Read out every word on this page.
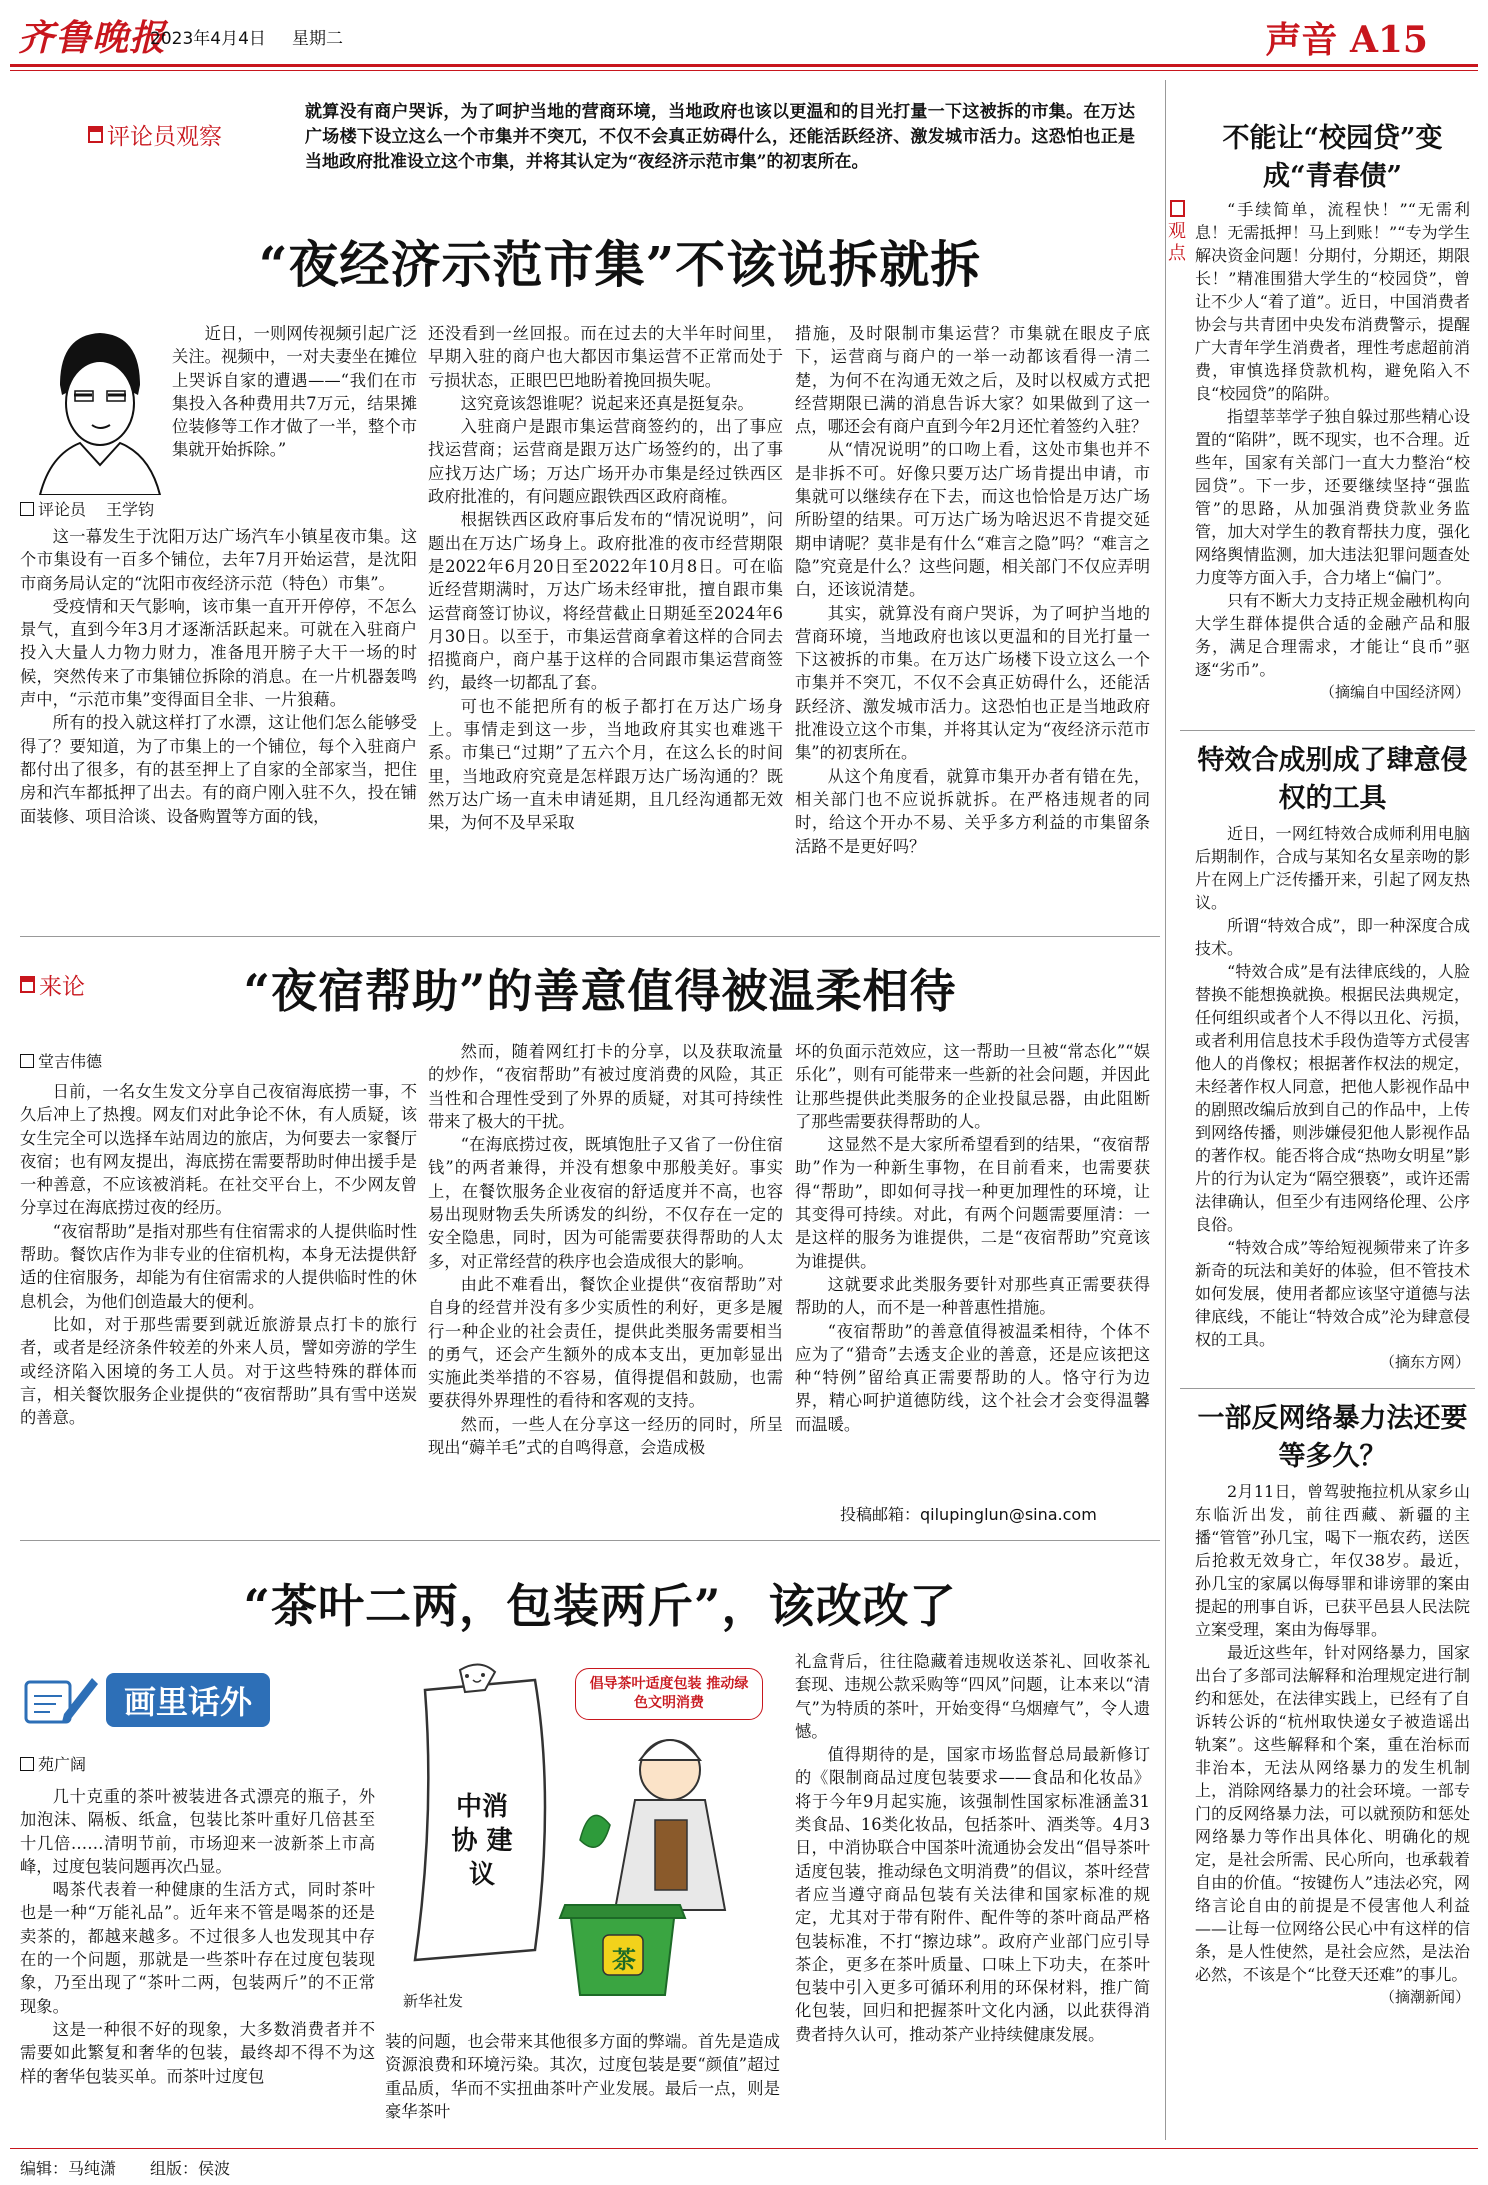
齐鲁晚报
2023年4月4日 星期二	声音 A15
评论员观察
就算没有商户哭诉，为了呵护当地的营商环境，当地政府也该以更温和的目光打量一下这被拆的市集。在万达广场楼下设立这么一个市集并不突兀，不仅不会真正妨碍什么，还能活跃经济、激发城市活力。这恐怕也正是当地政府批准设立这个市集，并将其认定为“夜经济示范市集”的初衷所在。
“夜经济示范市集”不该说拆就拆
评论员 王学钧

近日，一则网传视频引起广泛关注。视频中，一对夫妻坐在摊位上哭诉自家的遭遇——“我们在市集投入各种费用共7万元，结果摊位装修等工作才做了一半，整个市集就开始拆除。”

这一幕发生于沈阳万达广场汽车小镇星夜市集。这个市集设有一百多个铺位，去年7月开始运营，是沈阳市商务局认定的“沈阳市夜经济示范（特色）市集”。

受疫情和天气影响，该市集一直开开停停，不怎么景气，直到今年3月才逐渐活跃起来。可就在入驻商户投入大量人力物力财力，准备甩开膀子大干一场的时候，突然传来了市集铺位拆除的消息。在一片机器轰鸣声中，“示范市集”变得面目全非、一片狼藉。

所有的投入就这样打了水漂，这让他们怎么能够受得了？要知道，为了市集上的一个铺位，每个入驻商户都付出了很多，有的甚至押上了自家的全部家当，把住房和汽车都抵押了出去。有的商户刚入驻不久，投在铺面装修、项目洽谈、设备购置等方面的钱，

还没看到一丝回报。而在过去的大半年时间里，早期入驻的商户也大都因市集运营不正常而处于亏损状态，正眼巴巴地盼着挽回损失呢。

这究竟该怨谁呢？说起来还真是挺复杂。

入驻商户是跟市集运营商签约的，出了事应找运营商；运营商是跟万达广场签约的，出了事应找万达广场；万达广场开办市集是经过铁西区政府批准的，有问题应跟铁西区政府商榷。

根据铁西区政府事后发布的“情况说明”，问题出在万达广场身上。政府批准的夜市经营期限是2022年6月20日至2022年10月8日。可在临近经营期满时，万达广场未经审批，擅自跟市集运营商签订协议，将经营截止日期延至2024年6月30日。以至于，市集运营商拿着这样的合同去招揽商户，商户基于这样的合同跟市集运营商签约，最终一切都乱了套。

可也不能把所有的板子都打在万达广场身上。事情走到这一步，当地政府其实也难逃干系。市集已“过期”了五六个月，在这么长的时间里，当地政府究竟是怎样跟万达广场沟通的？既然万达广场一直未申请延期，且几经沟通都无效果，为何不及早采取

措施，及时限制市集运营？市集就在眼皮子底下，运营商与商户的一举一动都该看得一清二楚，为何不在沟通无效之后，及时以权威方式把经营期限已满的消息告诉大家？如果做到了这一点，哪还会有商户直到今年2月还忙着签约入驻？

从“情况说明”的口吻上看，这处市集也并不是非拆不可。好像只要万达广场肯提出申请，市集就可以继续存在下去，而这也恰恰是万达广场所盼望的结果。可万达广场为啥迟迟不肯提交延期申请呢？莫非是有什么“难言之隐”吗？“难言之隐”究竟是什么？这些问题，相关部门不仅应弄明白，还该说清楚。

其实，就算没有商户哭诉，为了呵护当地的营商环境，当地政府也该以更温和的目光打量一下这被拆的市集。在万达广场楼下设立这么一个市集并不突兀，不仅不会真正妨碍什么，还能活跃经济、激发城市活力。这恐怕也正是当地政府批准设立这个市集，并将其认定为“夜经济示范市集”的初衷所在。

从这个角度看，就算市集开办者有错在先，相关部门也不应说拆就拆。在严格违规者的同时，给这个开办不易、关乎多方利益的市集留条活路不是更好吗？

来论	“夜宿帮助”的善意值得被温柔相待
堂吉伟德

日前，一名女生发文分享自己夜宿海底捞一事，不久后冲上了热搜。网友们对此争论不休，有人质疑，该女生完全可以选择车站周边的旅店，为何要去一家餐厅夜宿；也有网友提出，海底捞在需要帮助时伸出援手是一种善意，不应该被消耗。在社交平台上，不少网友曾分享过在海底捞过夜的经历。

“夜宿帮助”是指对那些有住宿需求的人提供临时性帮助。餐饮店作为非专业的住宿机构，本身无法提供舒适的住宿服务，却能为有住宿需求的人提供临时性的休息机会，为他们创造最大的便利。

比如，对于那些需要到就近旅游景点打卡的旅行者，或者是经济条件较差的外来人员，譬如旁游的学生或经济陷入困境的务工人员。对于这些特殊的群体而言，相关餐饮服务企业提供的“夜宿帮助”具有雪中送炭的善意。

然而，随着网红打卡的分享，以及获取流量的炒作，“夜宿帮助”有被过度消费的风险，其正当性和合理性受到了外界的质疑，对其可持续性带来了极大的干扰。

“在海底捞过夜，既填饱肚子又省了一份住宿钱”的两者兼得，并没有想象中那般美好。事实上，在餐饮服务企业夜宿的舒适度并不高，也容易出现财物丢失所诱发的纠纷，不仅存在一定的安全隐患，同时，因为可能需要获得帮助的人太多，对正常经营的秩序也会造成很大的影响。

由此不难看出，餐饮企业提供“夜宿帮助”对自身的经营并没有多少实质性的利好，更多是履行一种企业的社会责任，提供此类服务需要相当的勇气，还会产生额外的成本支出，更加彰显出实施此类举措的不容易，值得提倡和鼓励，也需要获得外界理性的看待和客观的支持。

然而，一些人在分享这一经历的同时，所呈现出“薅羊毛”式的自鸣得意，会造成极

坏的负面示范效应，这一帮助一旦被“常态化”“娱乐化”，则有可能带来一些新的社会问题，并因此让那些提供此类服务的企业投鼠忌器，由此阻断了那些需要获得帮助的人。

这显然不是大家所希望看到的结果，“夜宿帮助”作为一种新生事物，在目前看来，也需要获得“帮助”，即如何寻找一种更加理性的环境，让其变得可持续。对此，有两个问题需要厘清：一是这样的服务为谁提供，二是“夜宿帮助”究竟该为谁提供。

这就要求此类服务要针对那些真正需要获得帮助的人，而不是一种普惠性措施。

“夜宿帮助”的善意值得被温柔相待，个体不应为了“猎奇”去透支企业的善意，还是应该把这种“特例”留给真正需要帮助的人。恪守行为边界，精心呵护道德防线，这个社会才会变得温馨而温暖。

投稿邮箱：qilupinglun@sina.com
“茶叶二两，包装两斤”，该改改了
画里话外
苑广阔

几十克重的茶叶被装进各式漂亮的瓶子，外加泡沫、隔板、纸盒，包装比茶叶重好几倍甚至十几倍……清明节前，市场迎来一波新茶上市高峰，过度包装问题再次凸显。

喝茶代表着一种健康的生活方式，同时茶叶也是一种“万能礼品”。近年来不管是喝茶的还是卖茶的，都越来越多。不过很多人也发现其中存在的一个问题，那就是一些茶叶存在过度包装现象，乃至出现了“茶叶二两，包装两斤”的不正常现象。

这是一种很不好的现象，大多数消费者并不需要如此繁复和奢华的包装，最终却不得不为这样的奢华包装买单。而茶叶过度包

倡导茶叶适度包装 推动绿色文明消费
中消协 建议
茶
新华社发

装的问题，也会带来其他很多方面的弊端。首先是造成资源浪费和环境污染。其次，过度包装是要“颜值”超过重品质，华而不实扭曲茶叶产业发展。最后一点，则是豪华茶叶

礼盒背后，往往隐藏着违规收送茶礼、回收茶礼套现、违规公款采购等“四风”问题，让本来以“清气”为特质的茶叶，开始变得“乌烟瘴气”，令人遗憾。

值得期待的是，国家市场监督总局最新修订的《限制商品过度包装要求——食品和化妆品》将于今年9月起实施，该强制性国家标准涵盖31类食品、16类化妆品，包括茶叶、酒类等。4月3日，中消协联合中国茶叶流通协会发出“倡导茶叶适度包装，推动绿色文明消费”的倡议，茶叶经营者应当遵守商品包装有关法律和国家标准的规定，尤其对于带有附件、配件等的茶叶商品严格包装标准，不打“擦边球”。政府产业部门应引导茶企，更多在茶叶质量、口味上下功夫，在茶叶包装中引入更多可循环利用的环保材料，推广简化包装，回归和把握茶叶文化内涵，以此获得消费者持久认可，推动茶产业持续健康发展。

观点
不能让“校园贷”变成“青春债”

“手续简单，流程快！”“无需利息！无需抵押！马上到账！”“专为学生解决资金问题！分期付，分期还，期限长！”精准围猎大学生的“校园贷”，曾让不少人“着了道”。近日，中国消费者协会与共青团中央发布消费警示，提醒广大青年学生消费者，理性考虑超前消费，审慎选择贷款机构，避免陷入不良“校园贷”的陷阱。

指望莘莘学子独自躲过那些精心设置的“陷阱”，既不现实，也不合理。近些年，国家有关部门一直大力整治“校园贷”。下一步，还要继续坚持“强监管”的思路，从加强消费贷款业务监管，加大对学生的教育帮扶力度，强化网络舆情监测，加大违法犯罪问题查处力度等方面入手，合力堵上“偏门”。

只有不断大力支持正规金融机构向大学生群体提供合适的金融产品和服务，满足合理需求，才能让“良币”驱逐“劣币”。

（摘编自中国经济网）
特效合成别成了肆意侵权的工具

近日，一网红特效合成师利用电脑后期制作，合成与某知名女星亲吻的影片在网上广泛传播开来，引起了网友热议。

所谓“特效合成”，即一种深度合成技术。

“特效合成”是有法律底线的，人脸替换不能想换就换。根据民法典规定，任何组织或者个人不得以丑化、污损，或者利用信息技术手段伪造等方式侵害他人的肖像权；根据著作权法的规定，未经著作权人同意，把他人影视作品中的剧照改编后放到自己的作品中，上传到网络传播，则涉嫌侵犯他人影视作品的著作权。能否将合成“热吻女明星”影片的行为认定为“隔空猥亵”，或许还需法律确认，但至少有违网络伦理、公序良俗。

“特效合成”等给短视频带来了许多新奇的玩法和美好的体验，但不管技术如何发展，使用者都应该坚守道德与法律底线，不能让“特效合成”沦为肆意侵权的工具。

（摘东方网）
一部反网络暴力法还要等多久？

2月11日，曾驾驶拖拉机从家乡山东临沂出发，前往西藏、新疆的主播“管管”孙几宝，喝下一瓶农药，送医后抢救无效身亡，年仅38岁。最近，孙几宝的家属以侮辱罪和诽谤罪的案由提起的刑事自诉，已获平邑县人民法院立案受理，案由为侮辱罪。

最近这些年，针对网络暴力，国家出台了多部司法解释和治理规定进行制约和惩处，在法律实践上，已经有了自诉转公诉的“杭州取快递女子被造谣出轨案”。这些解释和个案，重在治标而非治本，无法从网络暴力的发生机制上，消除网络暴力的社会环境。一部专门的反网络暴力法，可以就预防和惩处网络暴力等作出具体化、明确化的规定，是社会所需、民心所向，也承载着自由的价值。“按键伤人”违法必究，网络言论自由的前提是不侵害他人利益——让每一位网络公民心中有这样的信条，是人性使然，是社会应然，是法治必然，不该是个“比登天还难”的事儿。

（摘潮新闻）
编辑：马纯潇 组版：侯波
